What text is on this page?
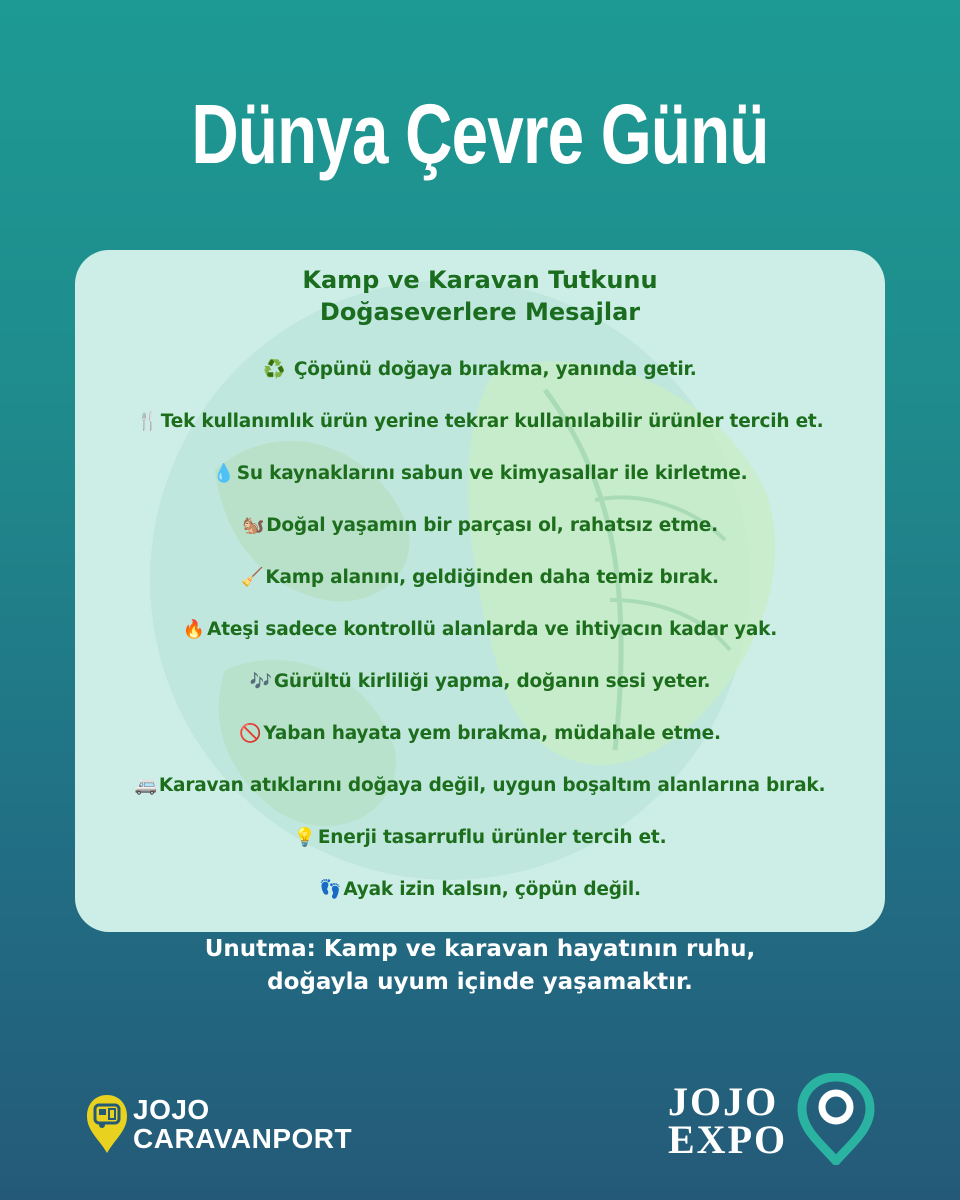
Dünya Çevre Günü
Kamp ve Karavan Tutkunu
Doğaseverlere Mesajlar
♻️ Çöpünü doğaya bırakma, yanında getir.
🍴 Tek kullanımlık ürün yerine tekrar kullanılabilir ürünler tercih et.
💧 Su kaynaklarını sabun ve kimyasallar ile kirletme.
🐿️ Doğal yaşamın bir parçası ol, rahatsız etme.
🧹 Kamp alanını, geldiğinden daha temiz bırak.
🔥 Ateşi sadece kontrollü alanlarda ve ihtiyacın kadar yak.
🎶 Gürültü kirliliği yapma, doğanın sesi yeter.
🚫 Yaban hayata yem bırakma, müdahale etme.
🚐 Karavan atıklarını doğaya değil, uygun boşaltım alanlarına bırak.
💡 Enerji tasarruflu ürünler tercih et.
👣 Ayak izin kalsın, çöpün değil.
Unutma: Kamp ve karavan hayatının ruhu,
doğayla uyum içinde yaşamaktır.
JOJO
CARAVANPORT
JOJO
EXPO
